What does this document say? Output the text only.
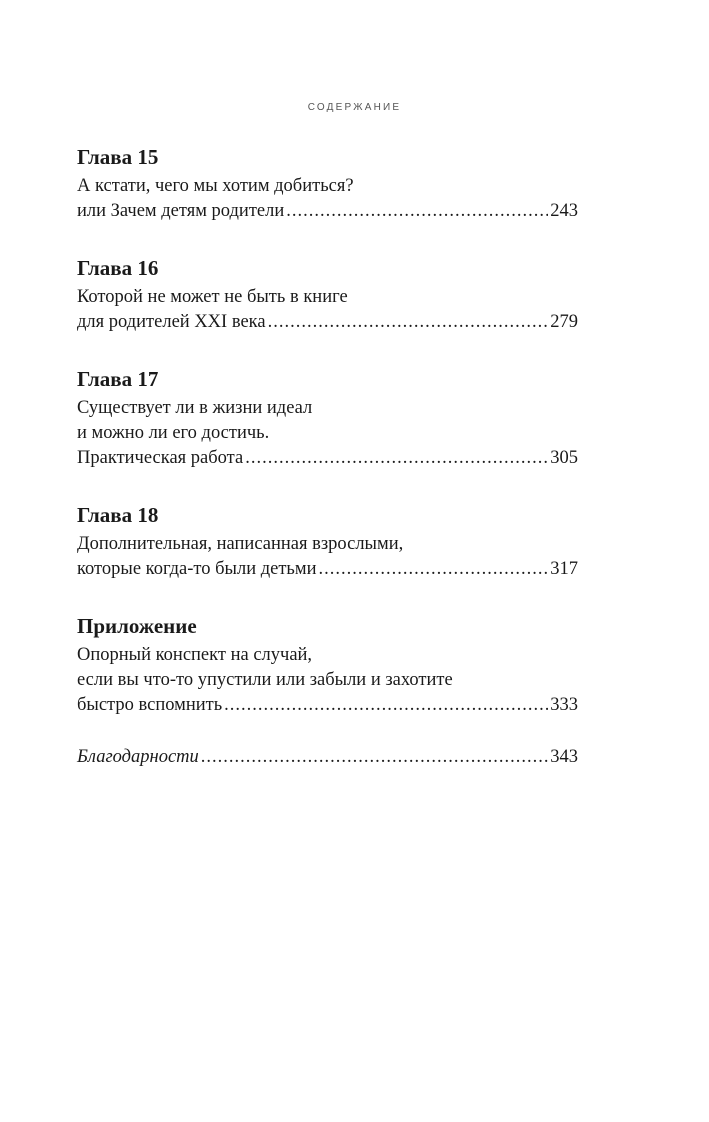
СОДЕРЖАНИЕ
Глава 15
А кстати, чего мы хотим добиться?
или Зачем детям родители .....	243
Глава 16
Которой не может не быть в книге
для родителей XXI века .....	279
Глава 17
Существует ли в жизни идеал
и можно ли его достичь.
Практическая работа .....	305
Глава 18
Дополнительная, написанная взрослыми,
которые когда-то были детьми .....	317
Приложение
Опорный конспект на случай,
если вы что-то упустили или забыли и захотите
быстро вспомнить .....	333
Благодарности .....	343
